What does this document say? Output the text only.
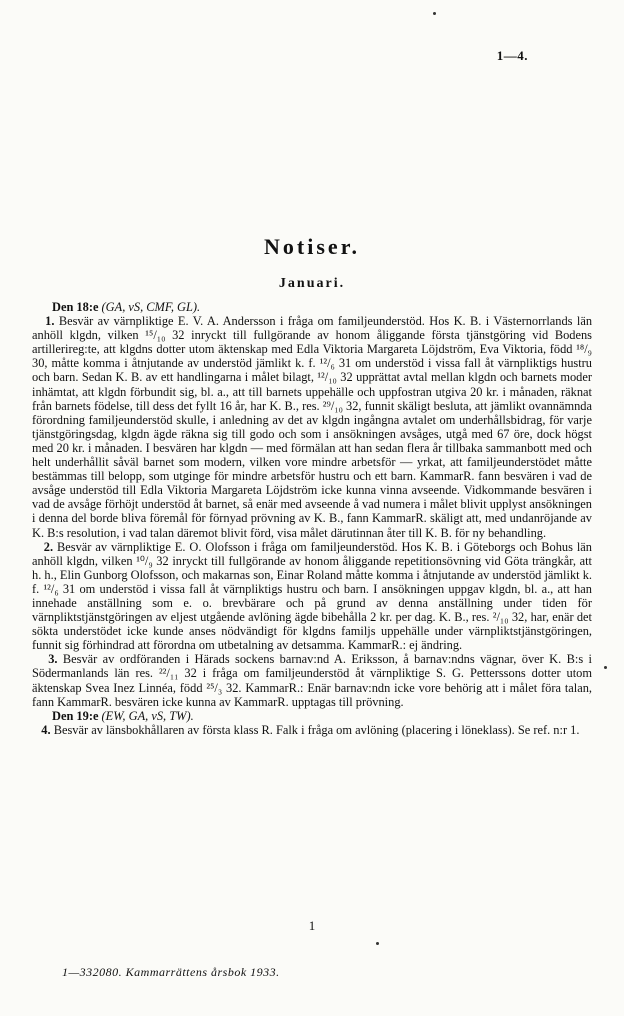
1—4.
Notiser.
Januari.

Den 18:e (GA, vS, CMF, GL).

1. Besvär av värnpliktige E. V. A. Andersson i fråga om familjeunderstöd. Hos K. B. i Västernorrlands län anhöll klgdn, vilken ¹⁵/₁₀ 32 inryckt till fullgörande av honom åliggande första tjänstgöring vid Bodens artillerireg:te, att klgdns dotter utom äktenskap med Edla Viktoria Margareta Löjdström, Eva Viktoria, född ¹⁸/₉ 30, måtte komma i åtnjutande av understöd jämlikt k. f. ¹²/₆ 31 om understöd i vissa fall åt värnpliktigs hustru och barn. Sedan K. B. av ett handlingarna i målet bilagt, ¹²/₁₀ 32 upprättat avtal mellan klgdn och barnets moder inhämtat, att klgdn förbundit sig, bl. a., att till barnets uppehälle och uppfostran utgiva 20 kr. i månaden, räknat från barnets födelse, till dess det fyllt 16 år, har K. B., res. ²⁹/₁₀ 32, funnit skäligt besluta, att jämlikt ovannämnda förordning familjeunderstöd skulle, i anledning av det av klgdn ingångna avtalet om underhållsbidrag, för varje tjänstgöringsdag, klgdn ägde räkna sig till godo och som i ansökningen avsåges, utgå med 67 öre, dock högst med 20 kr. i månaden. I besvären har klgdn — med förmälan att han sedan flera år tillbaka sammanbott med och helt underhållit såväl barnet som modern, vilken vore mindre arbetsför — yrkat, att familjeunderstödet måtte bestämmas till belopp, som utginge för mindre arbetsför hustru och ett barn. KammarR. fann besvären i vad de avsåge understöd till Edla Viktoria Margareta Löjdström icke kunna vinna avseende. Vidkommande besvären i vad de avsåge förhöjt understöd åt barnet, så enär med avseende å vad numera i målet blivit upplyst ansökningen i denna del borde bliva föremål för förnyad prövning av K. B., fann KammarR. skäligt att, med undanröjande av K. B:s resolution, i vad talan däremot blivit förd, visa målet därutinnan åter till K. B. för ny behandling.

2. Besvär av värnpliktige E. O. Olofsson i fråga om familjeunderstöd. Hos K. B. i Göteborgs och Bohus län anhöll klgdn, vilken ¹⁰/₉ 32 inryckt till fullgörande av honom åliggande repetitionsövning vid Göta trängkår, att h. h., Elin Gunborg Olofsson, och makarnas son, Einar Roland måtte komma i åtnjutande av understöd jämlikt k. f. ¹²/₆ 31 om understöd i vissa fall åt värnpliktigs hustru och barn. I ansökningen uppgav klgdn, bl. a., att han innehade anställning som e. o. brevbärare och på grund av denna anställning under tiden för värnpliktstjänstgöringen av eljest utgående avlöning ägde bibehålla 2 kr. per dag. K. B., res. ²/₁₀ 32, har, enär det sökta understödet icke kunde anses nödvändigt för klgdns familjs uppehälle under värnpliktstjänstgöringen, funnit sig förhindrad att förordna om utbetalning av detsamma. KammarR.: ej ändring.

3. Besvär av ordföranden i Härads sockens barnav:nd A. Eriksson, å barnav:ndns vägnar, över K. B:s i Södermanlands län res. ²²/₁₁ 32 i fråga om familjeunderstöd åt värnpliktige S. G. Petterssons dotter utom äktenskap Svea Inez Linnéa, född ²⁵/₃ 32. KammarR.: Enär barnav:ndn icke vore behörig att i målet föra talan, fann KammarR. besvären icke kunna av KammarR. upptagas till prövning.

Den 19:e (EW, GA, vS, TW).

4. Besvär av länsbokhållaren av första klass R. Falk i fråga om avlöning (placering i löneklass). Se ref. n:r 1.

1
1—332080. Kammarrättens årsbok 1933.
